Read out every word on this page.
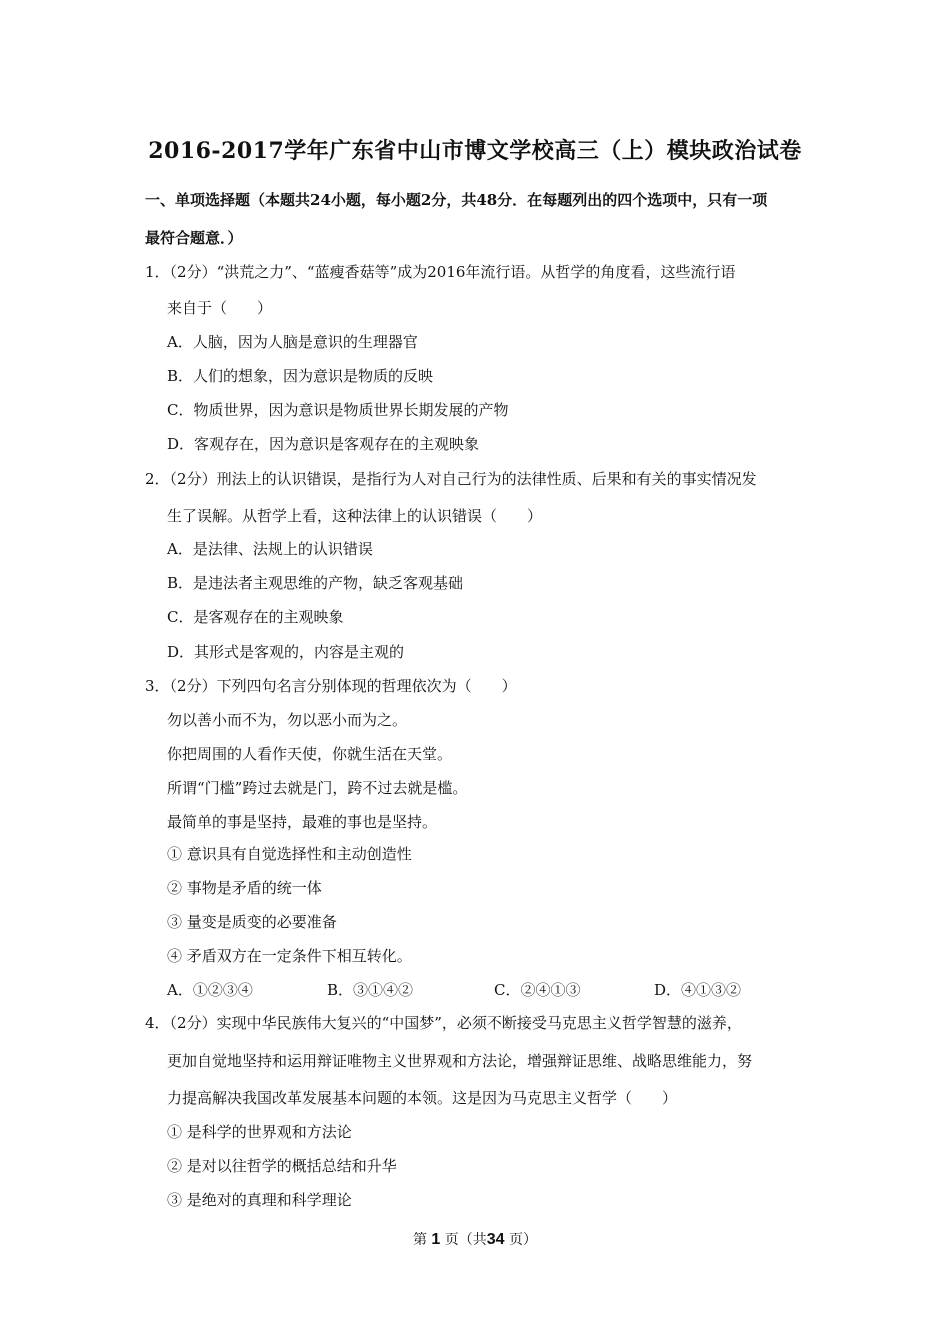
2016-2017学年广东省中山市博文学校高三（上）模块政治试卷
一、单项选择题（本题共24小题，每小题2分，共48分．在每题列出的四个选项中，只有一项
最符合题意．）
1．（2分）“洪荒之力”、“蓝瘦香菇等”成为2016年流行语。从哲学的角度看，这些流行语
来自于（　　）
A．人脑，因为人脑是意识的生理器官
B．人们的想象，因为意识是物质的反映
C．物质世界，因为意识是物质世界长期发展的产物
D．客观存在，因为意识是客观存在的主观映象
2．（2分）刑法上的认识错误，是指行为人对自己行为的法律性质、后果和有关的事实情况发
生了误解。从哲学上看，这种法律上的认识错误（　　）
A．是法律、法规上的认识错误
B．是违法者主观思维的产物，缺乏客观基础
C．是客观存在的主观映象
D．其形式是客观的，内容是主观的
3．（2分）下列四句名言分别体现的哲理依次为（　　）
勿以善小而不为，勿以恶小而为之。
你把周围的人看作天使，你就生活在天堂。
所谓“门槛”跨过去就是门，跨不过去就是槛。
最简单的事是坚持，最难的事也是坚持。
① 意识具有自觉选择性和主动创造性
② 事物是矛盾的统一体
③ 量变是质变的必要准备
④ 矛盾双方在一定条件下相互转化。
A．①②③④	B．③①④②	C．②④①③	D．④①③②
4．（2分）实现中华民族伟大复兴的“中国梦”，必须不断接受马克思主义哲学智慧的滋养，
更加自觉地坚持和运用辩证唯物主义世界观和方法论，增强辩证思维、战略思维能力，努
力提高解决我国改革发展基本问题的本领。这是因为马克思主义哲学（　　）
① 是科学的世界观和方法论
② 是对以往哲学的概括总结和升华
③ 是绝对的真理和科学理论
第 1 页（共34 页）
